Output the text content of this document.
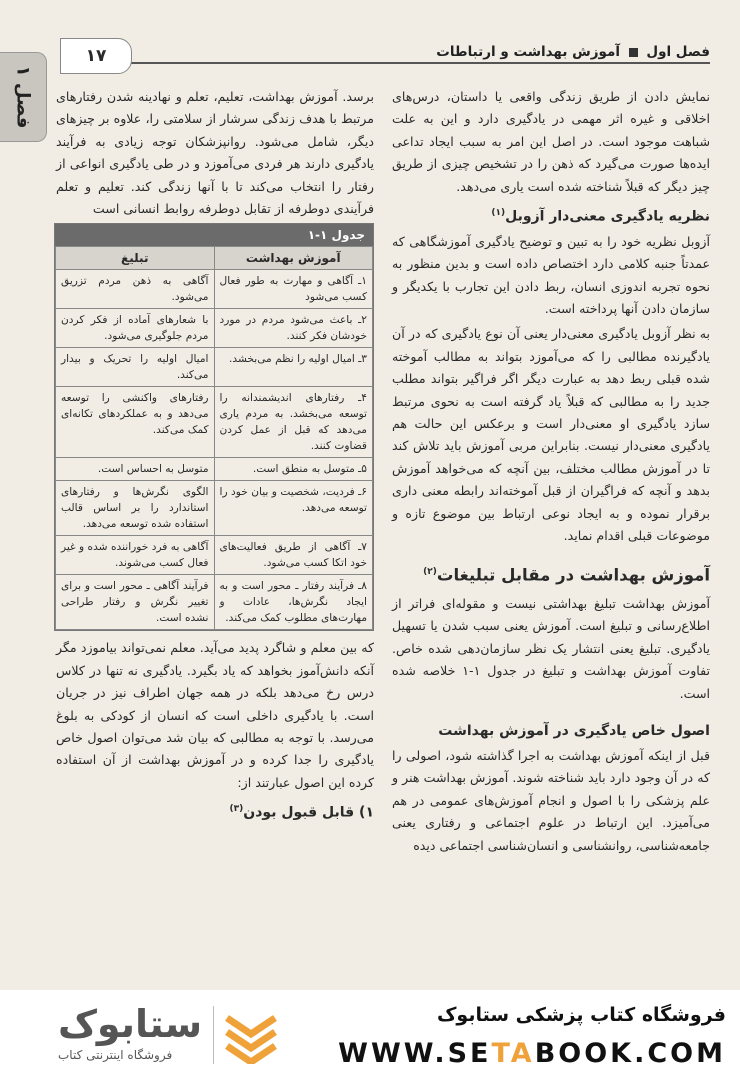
فصل اول  آموزش بهداشت و ارتباطات
۱۷
فصل ۱	نمایش دادن از طریق زندگی واقعی یا داستان، درس‌های اخلاقی و غیره اثر مهمی در یادگیری دارد و این به علت شباهت موجود است. در اصل این امر به سبب ایجاد تداعی ایده‌ها صورت می‌گیرد که ذهن را در تشخیص چیزی از طریق چیز دیگر که قبلاً شناخته شده است یاری می‌دهد.

نظریه یادگیری معنی‌دار آزوبل$^{(۱)}$

آزوبل نظریه خود را به تبین و توضیح یادگیری آموزشگاهی که عمدتاً جنبه کلامی دارد اختصاص داده است و بدین منظور به نحوه تجربه اندوزی انسان، ربط دادن این تجارب با یکدیگر و سازمان دادن آنها پرداخته است.

به نظر آزوبل یادگیری معنی‌دار یعنی آن نوع یادگیری که در آن یادگیرنده مطالبی را که می‌آموزد بتواند به مطالب آموخته شده قبلی ربط دهد به عبارت دیگر اگر فراگیر بتواند مطلب جدید را به مطالبی که قبلاً یاد گرفته است به نحوی مرتبط سازد یادگیری او معنی‌دار است و برعکس این حالت هم یادگیری معنی‌دار نیست. بنابراین مربی آموزش باید تلاش کند تا در آموزش مطالب مختلف، بین آنچه که می‌خواهد آموزش بدهد و آنچه که فراگیران از قبل آموخته‌اند رابطه معنی داری برقرار نموده و به ایجاد نوعی ارتباط بین موضوع تازه و موضوعات قبلی اقدام نماید.

آموزش بهداشت در مقابل تبلیغات$^{(۲)}$

آموزش بهداشت تبلیغ بهداشتی نیست و مقوله‌ای فراتر از اطلاع‌رسانی و تبلیغ است. آموزش یعنی سبب شدن یا تسهیل یادگیری. تبلیغ یعنی انتشار یک نظر سازمان‌دهی شده خاص. تفاوت آموزش بهداشت و تبلیغ در جدول ۱-۱ خلاصه شده است.

اصول خاص یادگیری در آموزش بهداشت

قبل از اینکه آموزش بهداشت به اجرا گذاشته شود، اصولی را که در آن وجود دارد باید شناخته شوند. آموزش بهداشت هنر و علم پزشکی را با اصول و انجام آموزش‌های عمومی در هم می‌آمیزد. این ارتباط در علوم اجتماعی و رفتاری یعنی جامعه‌شناسی، روانشناسی و انسان‌شناسی اجتماعی دیده

برسد. آموزش بهداشت، تعلیم، تعلم و نهادینه شدن رفتارهای مرتبط با هدف زندگی سرشار از سلامتی را، علاوه بر چیزهای دیگر، شامل می‌شود. روانپزشکان توجه زیادی به فرآیند یادگیری دارند هر فردی می‌آموزد و در طی یادگیری انواعی از رفتار را انتخاب می‌کند تا با آنها زندگی کند. تعلیم و تعلم فرآیندی دوطرفه از تقابل دوطرفه روابط انسانی است

جدول ۱-۱
آموزش بهداشت	تبلیغ
۱ـ آگاهی و مهارت به طور فعال کسب می‌شود	آگاهی به ذهن مردم تزریق می‌شود.
۲ـ باعث می‌شود مردم در مورد خودشان فکر کنند.	با شعارهای آماده از فکر کردن مردم جلوگیری می‌شود.
۳ـ امیال اولیه را نظم می‌بخشد.	امیال اولیه را تحریک و بیدار می‌کند.
۴ـ رفتارهای اندیشمندانه را توسعه می‌بخشد. به مردم یاری می‌دهد که قبل از عمل کردن قضاوت کنند.	رفتارهای واکنشی را توسعه می‌دهد و به عملکردهای تکانه‌ای کمک می‌کند.
۵ـ متوسل به منطق است.	متوسل به احساس است.
۶ـ فردیت، شخصیت و بیان خود را توسعه می‌دهد.	الگوی نگرش‌ها و رفتارهای استاندارد را بر اساس قالب استفاده شده توسعه می‌دهد.
۷ـ آگاهی از طریق فعالیت‌های خود اتکا کسب می‌شود.	آگاهی به فرد خوراننده شده و غیر فعال کسب می‌شوند.
۸ـ فرآیند رفتار ـ محور است و به ایجاد نگرش‌ها، عادات و مهارت‌های مطلوب کمک می‌کند.	فرآیند آگاهی ـ محور است و برای تغییر نگرش و رفتار طراحی نشده است.

که بین معلم و شاگرد پدید می‌آید. معلم نمی‌تواند بیاموزد مگر آنکه دانش‌آموز بخواهد که یاد بگیرد. یادگیری نه تنها در کلاس درس رخ می‌دهد بلکه در همه جهان اطراف نیز در جریان است. با یادگیری داخلی است که انسان از کودکی به بلوغ می‌رسد. با توجه به مطالبی که بیان شد می‌توان اصول خاص یادگیری را جدا کرده و در آموزش بهداشت از آن استفاده کرده این اصول عبارتند از:

۱) قابل قبول بودن$^{(۳)}$
فروشگاه کتاب پزشکی ستابوک
WWW.SETABOOK.COM
ستابوک
فروشگاه اینترنتی کتاب
